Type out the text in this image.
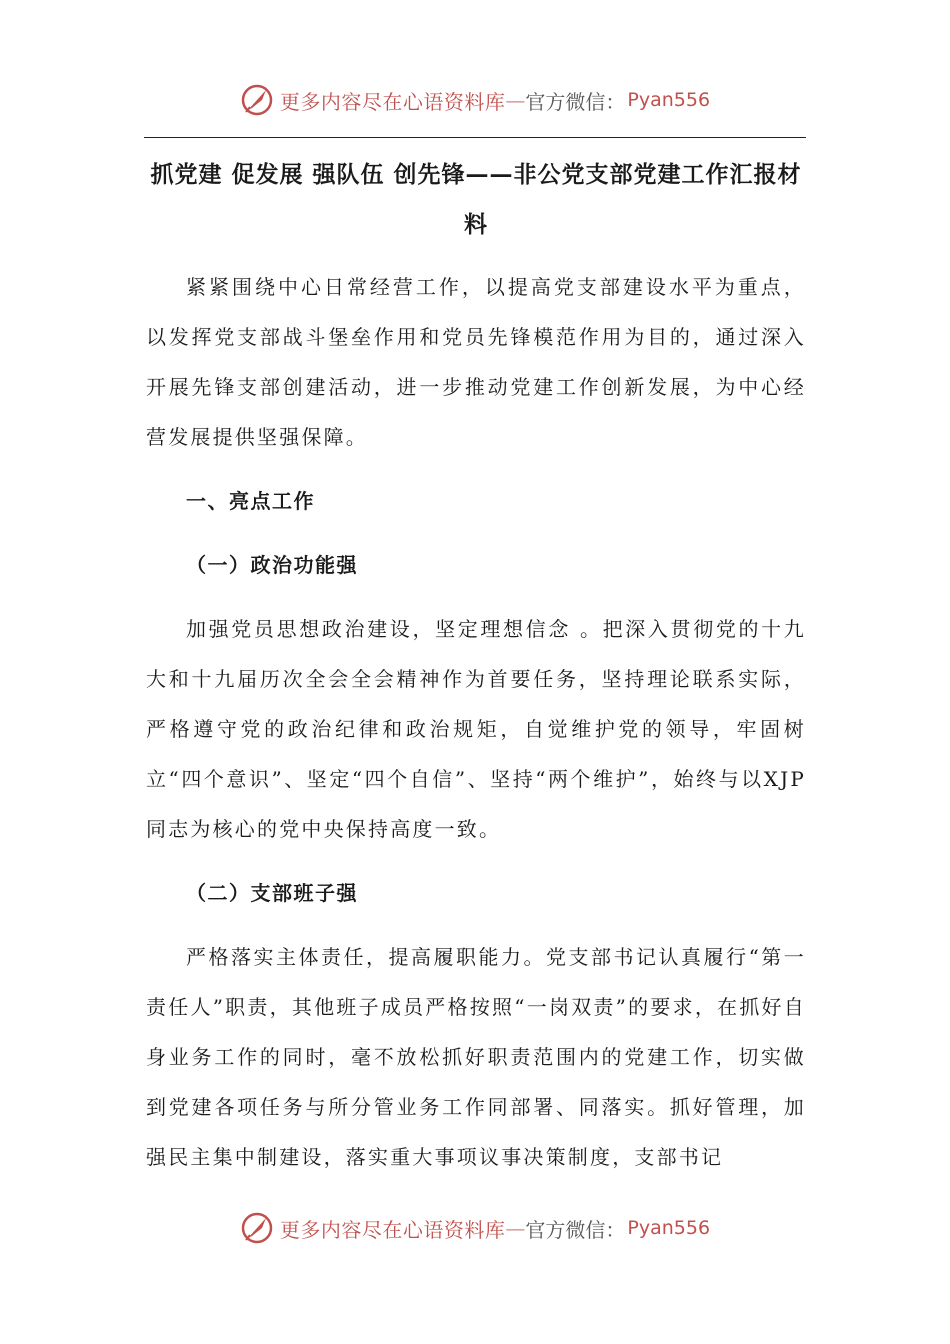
更多内容尽在心语资料库 — 官方微信： Pyan556
抓党建 促发展 强队伍 创先锋——非公党支部党建工作汇报材料

紧紧围绕中心日常经营工作，以提高党支部建设水平为重点，以发挥党支部战斗堡垒作用和党员先锋模范作用为目的，通过深入开展先锋支部创建活动，进一步推动党建工作创新发展，为中心经营发展提供坚强保障。

一、亮点工作
（一）政治功能强

加强党员思想政治建设，坚定理想信念 。把深入贯彻党的十九大和十九届历次全会全会精神作为首要任务，坚持理论联系实际，严格遵守党的政治纪律和政治规矩，自觉维护党的领导，牢固树立“四个意识”、坚定“四个自信”、坚持“两个维护”，始终与以XJP同志为核心的党中央保持高度一致。

（二）支部班子强

严格落实主体责任，提高履职能力。党支部书记认真履行“第一责任人”职责，其他班子成员严格按照“一岗双责”的要求，在抓好自身业务工作的同时，毫不放松抓好职责范围内的党建工作，切实做到党建各项任务与所分管业务工作同部署、同落实。抓好管理，加强民主集中制建设，落实重大事项议事决策制度，支部书记

更多内容尽在心语资料库 — 官方微信： Pyan556
